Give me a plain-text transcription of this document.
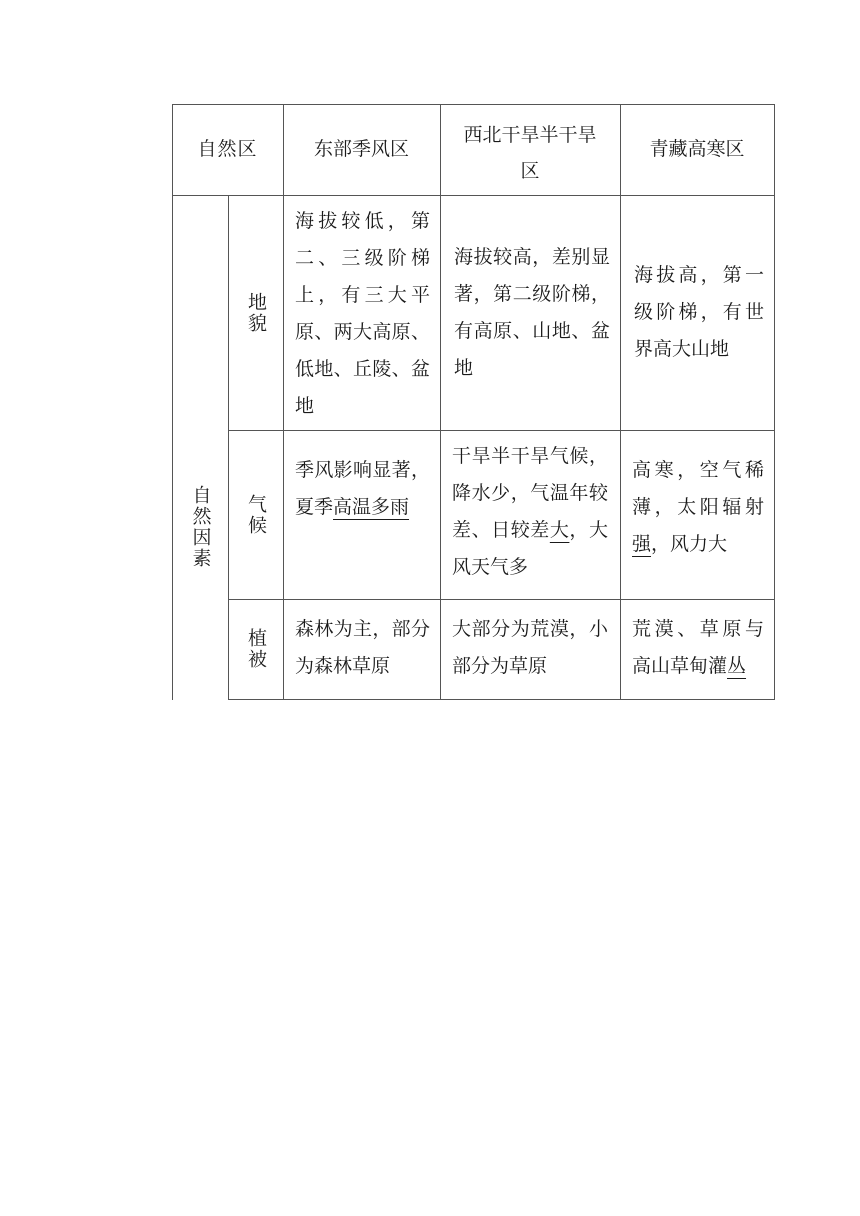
自然区	东部季风区
西北干旱半干旱区
青藏高寒区
自然因素
地貌
海拔较低，第二、三级阶梯上，有三大平原、两大高原、低地、丘陵、盆地
海拔较高，差别显著，第二级阶梯，有高原、山地、盆地
海拔高，第一级阶梯，有世界高大山地
气候
季风影响显著，夏季高温多雨
干旱半干旱气候，降水少，气温年较差、日较差大，大风天气多
高寒，空气稀薄，太阳辐射强，风力大
植被	森林为主，部分为森林草原
大部分为荒漠，小部分为草原
荒漠、草原与高山草甸灌丛
